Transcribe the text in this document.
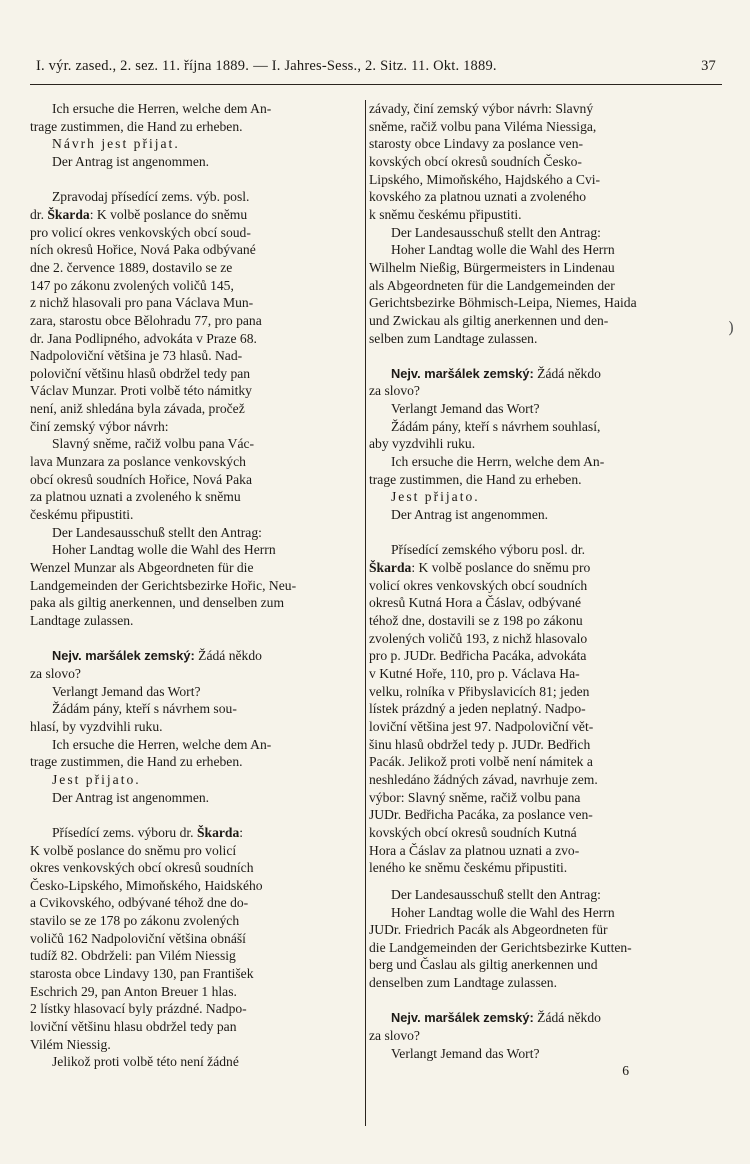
I. výr. zased., 2. sez. 11. října 1889. — I. Jahres-Sess., 2. Sitz. 11. Okt. 1889.	37
)

Ich ersuche die Herren, welche dem An-

trage zustimmen, die Hand zu erheben.

Návrh jest přijat.

Der Antrag ist angenommen.

Zpravodaj přísedící zems. výb. posl.

dr. Škarda: K volbě poslance do sněmu

pro volicí okres venkovských obcí soud-

ních okresů Hořice, Nová Paka odbývané

dne 2. července 1889, dostavilo se ze

147 po zákonu zvolených voličů 145,

z nichž hlasovali pro pana Václava Mun-

zara, starostu obce Bělohradu 77, pro pana

dr. Jana Podlipného, advokáta v Praze 68.

Nadpoloviční většina je 73 hlasů. Nad-

poloviční většinu hlasů obdržel tedy pan

Václav Munzar. Proti volbě této námitky

není, aniž shledána byla závada, pročež

činí zemský výbor návrh:

Slavný sněme, račiž volbu pana Vác-

lava Munzara za poslance venkovských

obcí okresů soudních Hořice, Nová Paka

za platnou uznati a zvoleného k sněmu

českému připustiti.

Der Landesausschuß stellt den Antrag:

Hoher Landtag wolle die Wahl des Herrn

Wenzel Munzar als Abgeordneten für die

Landgemeinden der Gerichtsbezirke Hořic, Neu-

paka als giltig anerkennen, und denselben zum

Landtage zulassen.

Nejv. maršálek zemský: Žádá někdo

za slovo?

Verlangt Jemand das Wort?

Žádám pány, kteří s návrhem sou-

hlasí, by vyzdvihli ruku.

Ich ersuche die Herren, welche dem An-

trage zustimmen, die Hand zu erheben.

Jest přijato.

Der Antrag ist angenommen.

Přísedící zems. výboru dr. Škarda:

K volbě poslance do sněmu pro volicí

okres venkovských obcí okresů soudních

Česko-Lipského, Mimoňského, Haidského

a Cvikovského, odbývané téhož dne do-

stavilo se ze 178 po zákonu zvolených

voličů 162 Nadpoloviční většina obnáší

tudíž 82. Obdrželi: pan Vilém Niessig

starosta obce Lindavy 130, pan František

Eschrich 29, pan Anton Breuer 1 hlas.

2 lístky hlasovací byly prázdné. Nadpo-

loviční většinu hlasu obdržel tedy pan

Vilém Niessig.

Jelikož proti volbě této není žádné

závady, činí zemský výbor návrh: Slavný

sněme, račiž volbu pana Viléma Niessiga,

starosty obce Lindavy za poslance ven-

kovských obcí okresů soudních Česko-

Lipského, Mimoňského, Hajdského a Cvi-

kovského za platnou uznati a zvoleného

k sněmu českému připustiti.

Der Landesausschuß stellt den Antrag:

Hoher Landtag wolle die Wahl des Herrn

Wilhelm Nießig, Bürgermeisters in Lindenau

als Abgeordneten für die Landgemeinden der

Gerichtsbezirke Böhmisch-Leipa, Niemes, Haida

und Zwickau als giltig anerkennen und den-

selben zum Landtage zulassen.

Nejv. maršálek zemský: Žádá někdo

za slovo?

Verlangt Jemand das Wort?

Žádám pány, kteří s návrhem souhlasí,

aby vyzdvihli ruku.

Ich ersuche die Herrn, welche dem An-

trage zustimmen, die Hand zu erheben.

Jest přijato.

Der Antrag ist angenommen.

Přísedící zemského výboru posl. dr.

Škarda: K volbě poslance do sněmu pro

volicí okres venkovských obcí soudních

okresů Kutná Hora a Čáslav, odbývané

téhož dne, dostavili se z 198 po zákonu

zvolených voličů 193, z nichž hlasovalo

pro p. JUDr. Bedřicha Pacáka, advokáta

v Kutné Hoře, 110, pro p. Václava Ha-

velku, rolníka v Přibyslavicích 81; jeden

lístek prázdný a jeden neplatný. Nadpo-

loviční většina jest 97. Nadpoloviční vět-

šinu hlasů obdržel tedy p. JUDr. Bedřich

Pacák. Jelikož proti volbě není námitek a

neshledáno žádných závad, navrhuje zem.

výbor: Slavný sněme, račiž volbu pana

JUDr. Bedřicha Pacáka, za poslance ven-

kovských obcí okresů soudních Kutná

Hora a Čáslav za platnou uznati a zvo-

leného ke sněmu českému připustiti.

Der Landesausschuß stellt den Antrag:

Hoher Landtag wolle die Wahl des Herrn

JUDr. Friedrich Pacák als Abgeordneten für

die Landgemeinden der Gerichtsbezirke Kutten-

berg und Časlau als giltig anerkennen und

denselben zum Landtage zulassen.

Nejv. maršálek zemský: Žádá někdo

za slovo?

Verlangt Jemand das Wort?

6
